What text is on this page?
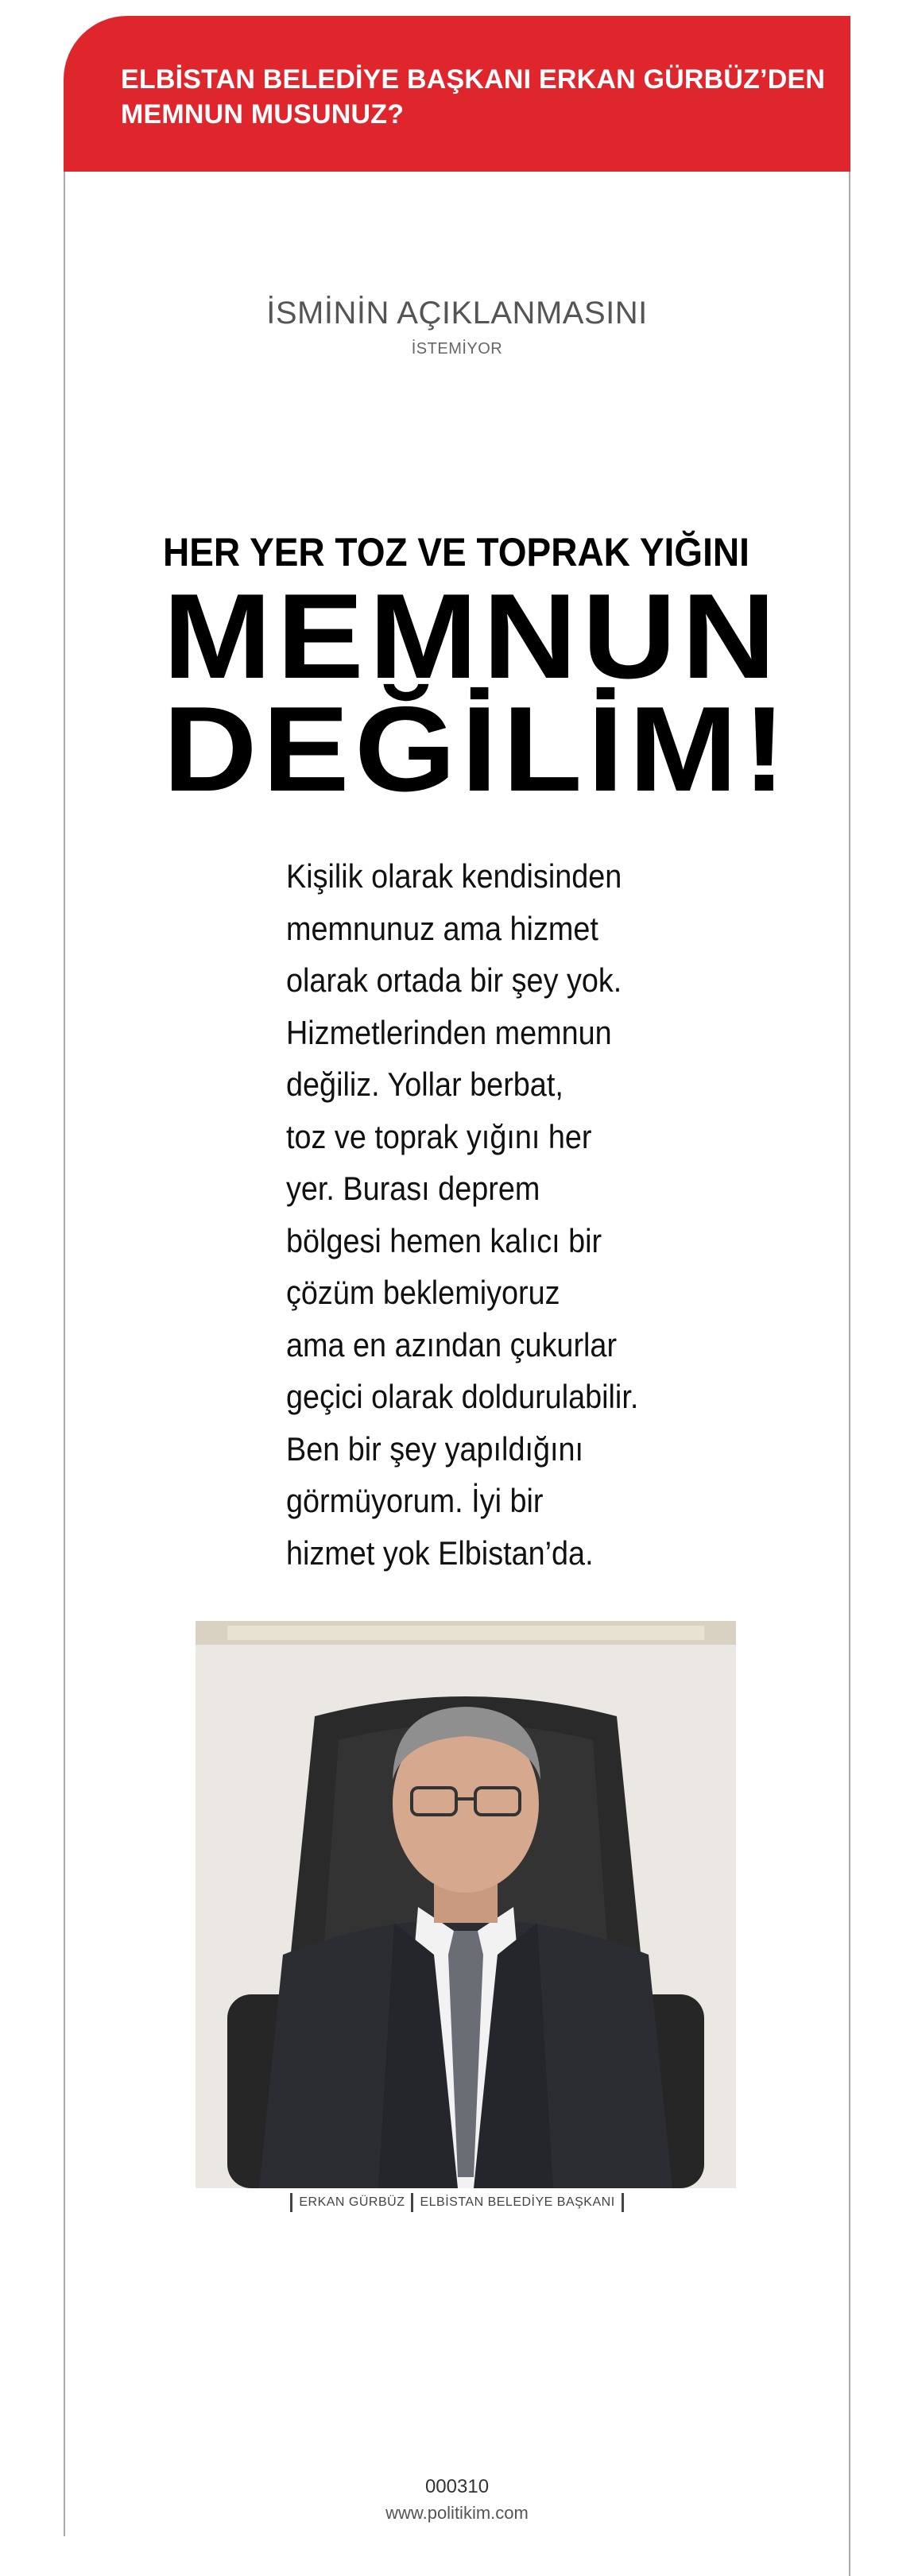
ELBİSTAN BELEDİYE BAŞKANI ERKAN GÜRBÜZ’DEN
MEMNUN MUSUNUZ?
İSMİNİN AÇIKLANMASINI
İSTEMİYOR
HER YER TOZ VE TOPRAK YIĞINI
MEMNUN
DEĞİLİM!
Kişilik olarak kendisinden
memnunuz ama hizmet
olarak ortada bir şey yok.
Hizmetlerinden memnun
değiliz. Yollar berbat,
toz ve toprak yığını her
yer. Burası deprem
bölgesi hemen kalıcı bir
çözüm beklemiyoruz
ama en azından çukurlar
geçici olarak doldurulabilir.
Ben bir şey yapıldığını
görmüyorum. İyi bir
hizmet yok Elbistan’da.
ERKAN GÜRBÜZ ELBİSTAN BELEDİYE BAŞKANI
000310
www.politikim.com
